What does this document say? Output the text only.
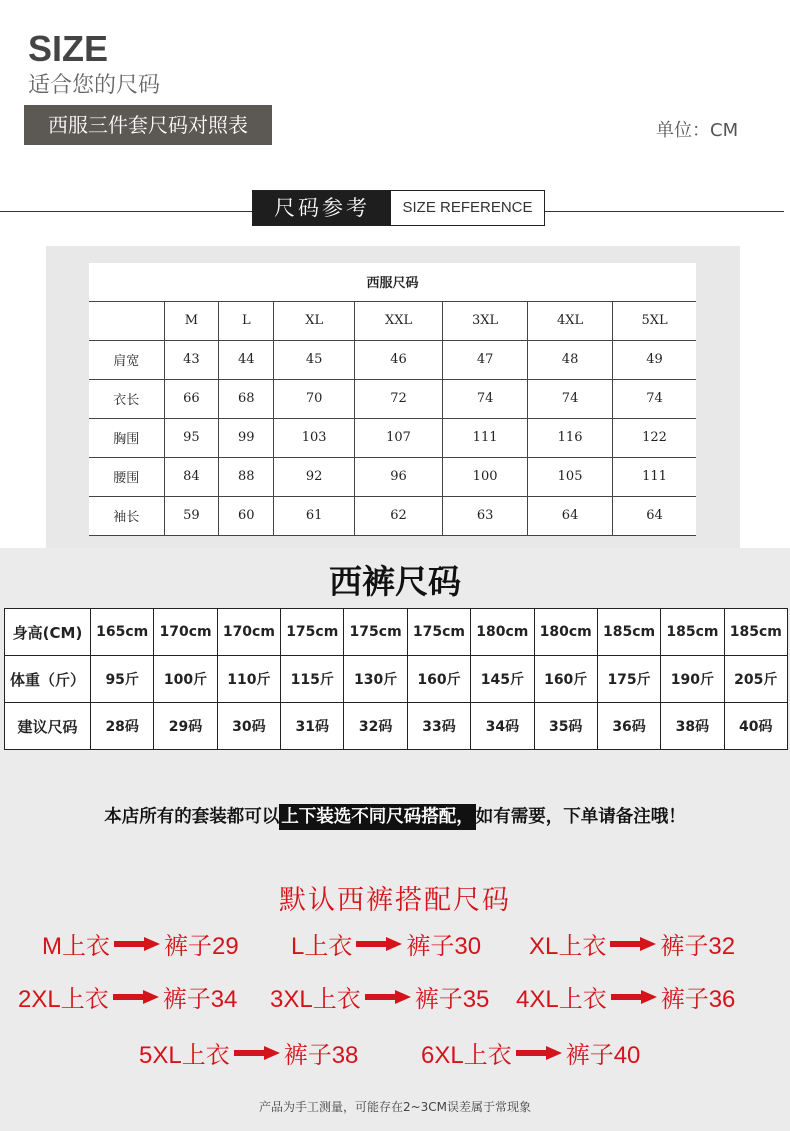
SIZE
适合您的尺码
西服三件套尺码对照表	单位：CM
尺码参考	SIZE REFERENCE
西服尺码							
	M	L	XL	XXL	3XL	4XL	5XL
肩宽	43	44	45	46	47	48	49
衣长	66	68	70	72	74	74	74
胸围	95	99	103	107	111	116	122
腰围	84	88	92	96	100	105	111
袖长	59	60	61	62	63	64	64
西裤尺码
身高(CM)	165cm	170cm	170cm	175cm	175cm	175cm	180cm	180cm	185cm	185cm	185cm
体重（斤）	95斤	100斤	110斤	115斤	130斤	160斤	145斤	160斤	175斤	190斤	205斤
建议尺码	28码	29码	30码	31码	32码	33码	34码	35码	36码	38码	40码
本店所有的套装都可以 上下装选不同尺码搭配， 如有需要，下单请备注哦！
默认西裤搭配尺码
M上衣 裤子29 L上衣 裤子30 XL上衣 裤子32
2XL上衣 裤子34 3XL上衣 裤子35 4XL上衣 裤子36
5XL上衣 裤子38	6XL上衣 裤子40
产品为手工测量，可能存在2~3CM误差属于常现象
